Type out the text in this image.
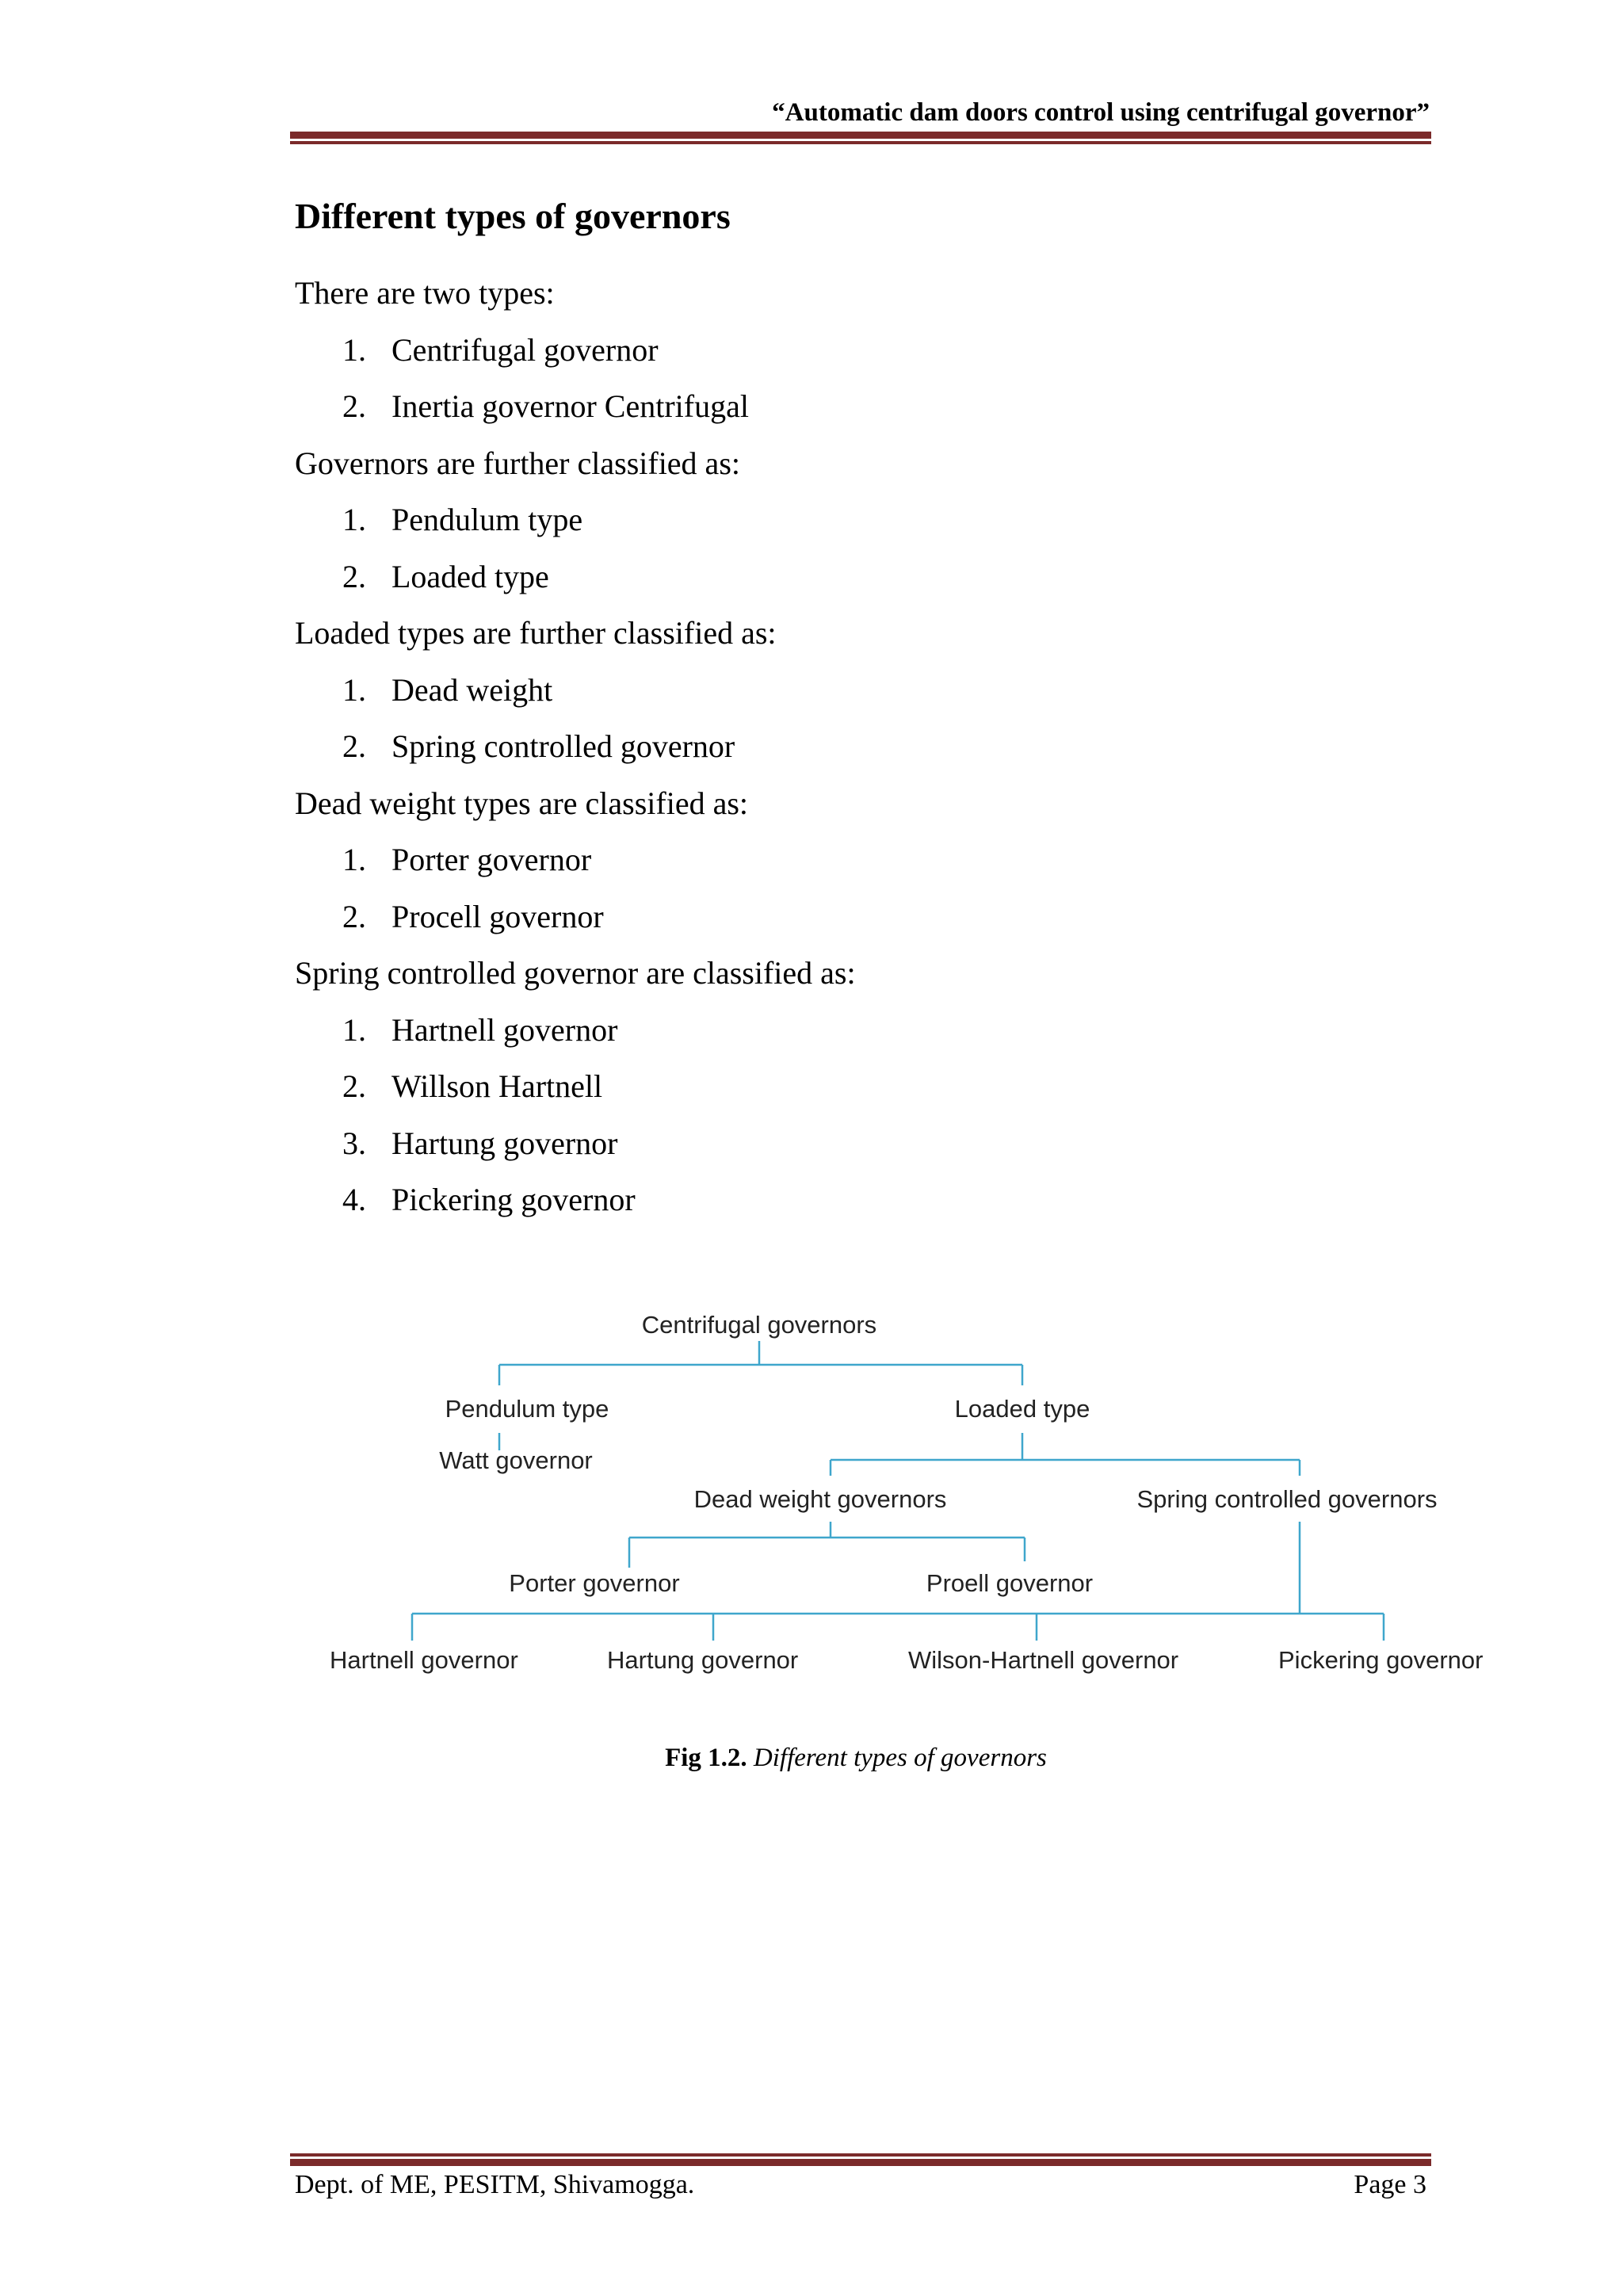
“Automatic dam doors control using centrifugal governor”
Different types of governors
There are two types:
1. Centrifugal governor
2. Inertia governor Centrifugal
Governors are further classified as:
1. Pendulum type
2. Loaded type
Loaded types are further classified as:
1. Dead weight
2. Spring controlled governor
Dead weight types are classified as:
1. Porter governor
2. Procell governor
Spring controlled governor are classified as:
1. Hartnell governor
2. Willson Hartnell
3. Hartung governor
4. Pickering governor
Centrifugal governors
Pendulum type
Watt governor
Loaded type
Dead weight governors	Spring controlled governors
Porter governor	Proell governor
Hartnell governor	Hartung governor	Wilson-Hartnell governor	Pickering governor
Fig 1.2. Different types of governors
Dept. of ME, PESITM, Shivamogga.	Page 3
